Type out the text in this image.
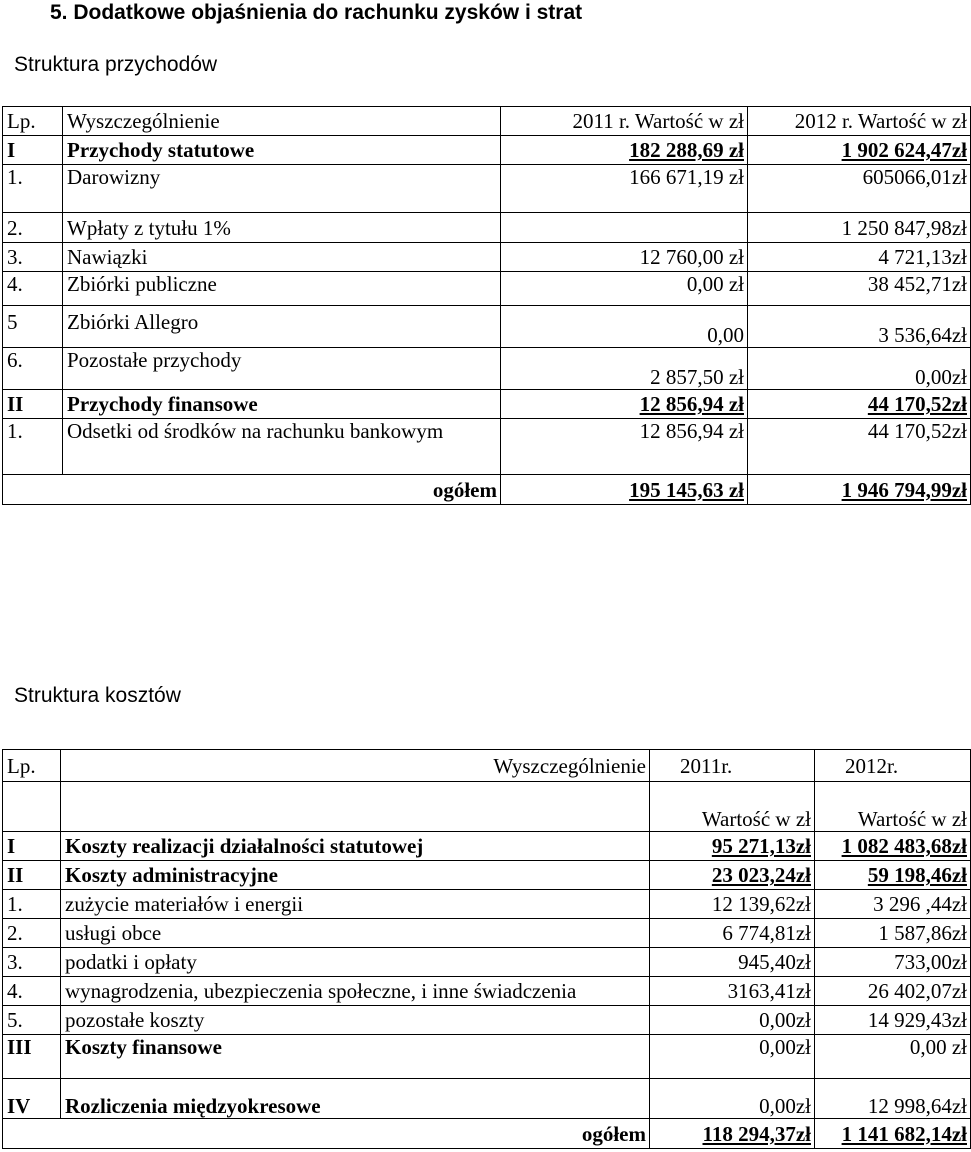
5. Dodatkowe objaśnienia do rachunku zysków i strat
Struktura przychodów
Lp.	Wyszczególnienie	2011 r. Wartość w zł	2012 r. Wartość w zł
I	Przychody statutowe	182 288,69 zł	1 902 624,47zł
1.	Darowizny	166 671,19 zł	605066,01zł
2.	Wpłaty z tytułu 1%		1 250 847,98zł
3.	Nawiązki	12 760,00 zł	4 721,13zł
4.	Zbiórki publiczne	0,00 zł	38 452,71zł
5	Zbiórki Allegro	0,00	3 536,64zł
6.	Pozostałe przychody	2 857,50 zł	0,00zł
II	Przychody finansowe	12 856,94 zł	44 170,52zł
1.	Odsetki od środków na rachunku bankowym	12 856,94 zł	44 170,52zł
ogółem		195 145,63 zł	1 946 794,99zł
Struktura kosztów
Lp.	Wyszczególnienie	2011r.	2012r.
		Wartość w zł	Wartość w zł
I	Koszty realizacji działalności statutowej	95 271,13zł	1 082 483,68zł
II	Koszty administracyjne	23 023,24zł	59 198,46zł
1.	zużycie materiałów i energii	12 139,62zł	3 296 ,44zł
2.	usługi obce	6 774,81zł	1 587,86zł
3.	podatki i opłaty	945,40zł	733,00zł
4.	wynagrodzenia, ubezpieczenia społeczne, i inne świadczenia	3163,41zł	26 402,07zł
5.	pozostałe koszty	0,00zł	14 929,43zł
III	Koszty finansowe	0,00zł	0,00 zł
IV	Rozliczenia międzyokresowe	0,00zł	12 998,64zł
ogółem		118 294,37zł	1 141 682,14zł
